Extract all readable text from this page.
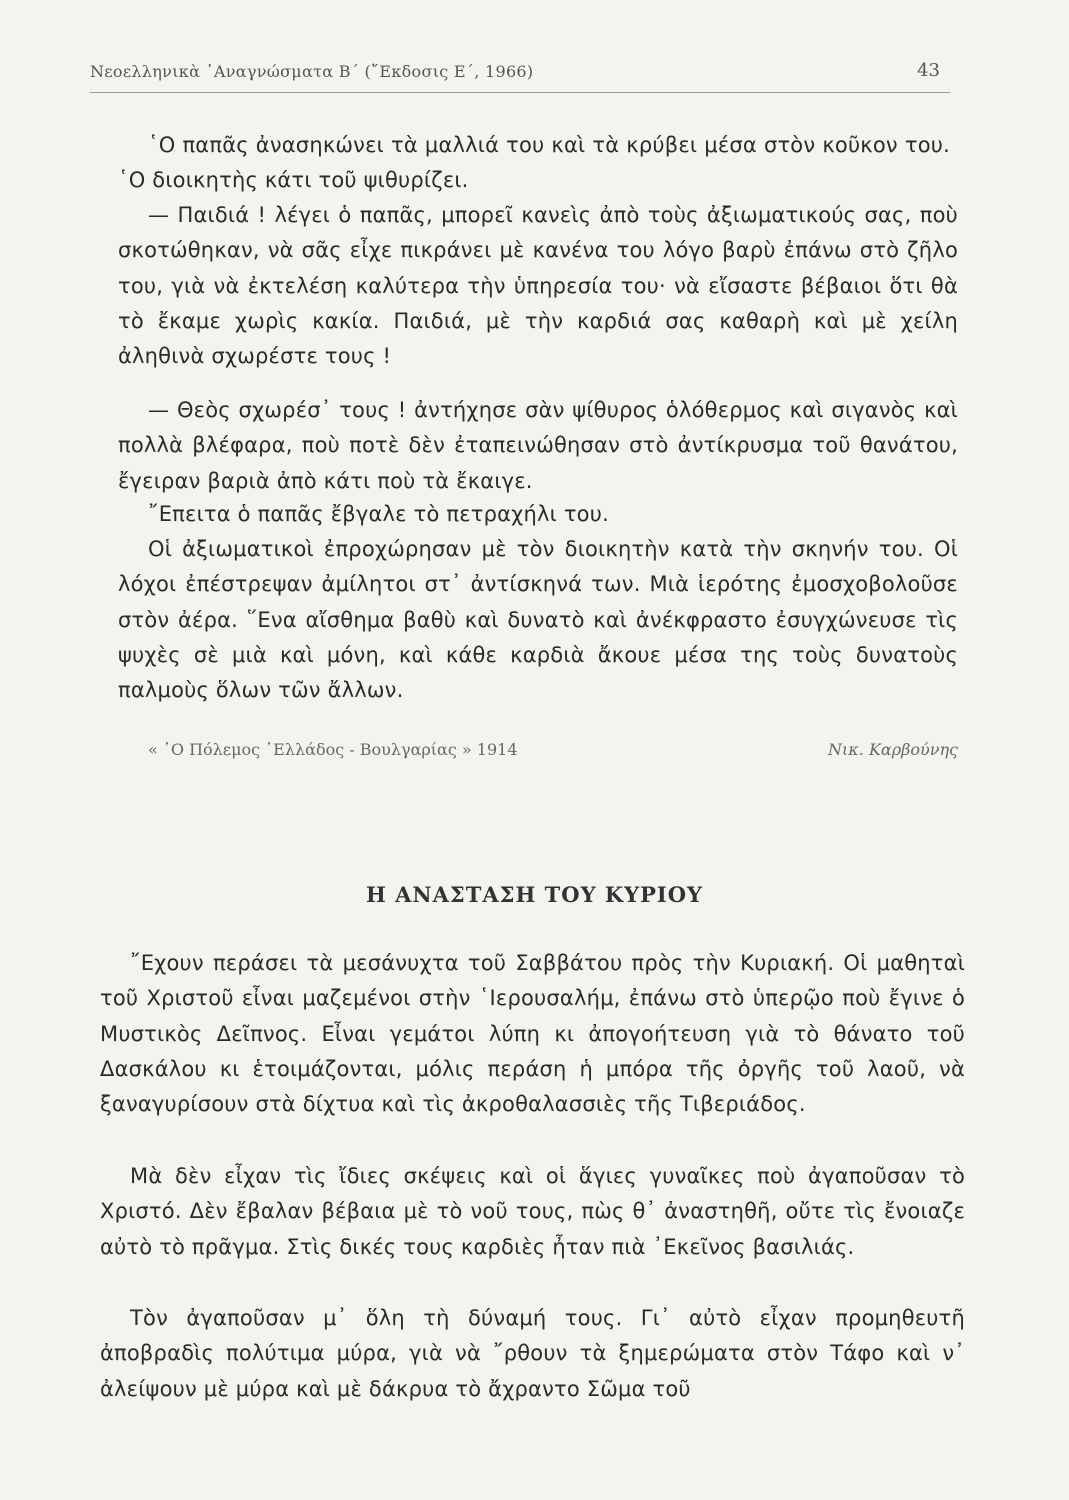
Νεοελληνικὰ ᾿Αναγνώσματα Β΄ (῎Εκδοσις Ε΄, 1966)	43

῾Ο παπᾶς ἀνασηκώνει τὰ μαλλιά του καὶ τὰ κρύβει μέσα στὸν κοῦκον του. ῾Ο διοικητὴς κάτι τοῦ ψιθυρίζει.

— Παιδιά ! λέγει ὁ παπᾶς, μπορεῖ κανεὶς ἀπὸ τοὺς ἀξιωματικούς σας, ποὺ σκοτώθηκαν, νὰ σᾶς εἶχε πικράνει μὲ κανένα του λόγο βαρὺ ἐπάνω στὸ ζῆλο του, γιὰ νὰ ἐκτελέση καλύτερα τὴν ὑπηρεσία του· νὰ εἴσαστε βέβαιοι ὅτι θὰ τὸ ἔκαμε χωρὶς κακία. Παιδιά, μὲ τὴν καρδιά σας καθαρὴ καὶ μὲ χείλη ἀληθινὰ σχωρέστε τους !

— Θεὸς σχωρέσ᾿ τους ! ἀντήχησε σὰν ψίθυρος ὁλόθερμος καὶ σιγανὸς καὶ πολλὰ βλέφαρα, ποὺ ποτὲ δὲν ἐταπεινώθησαν στὸ ἀντίκρυσμα τοῦ θανάτου, ἔγειραν βαριὰ ἀπὸ κάτι ποὺ τὰ ἔκαιγε.

῎Επειτα ὁ παπᾶς ἔβγαλε τὸ πετραχήλι του.

Οἱ ἀξιωματικοὶ ἐπροχώρησαν μὲ τὸν διοικητὴν κατὰ τὴν σκηνήν του. Οἱ λόχοι ἐπέστρεψαν ἀμίλητοι στ᾿ ἀντίσκηνά των. Μιὰ ἱερότης ἐμοσχοβολοῦσε στὸν ἀέρα. ῞Ενα αἴσθημα βαθὺ καὶ δυνατὸ καὶ ἀνέκφραστο ἐσυγχώνευσε τὶς ψυχὲς σὲ μιὰ καὶ μόνη, καὶ κάθε καρδιὰ ἄκουε μέσα της τοὺς δυνατοὺς παλμοὺς ὅλων τῶν ἄλλων.

« ῾Ο Πόλεμος ῾Ελλάδος - Βουλγαρίας » 1914	Νικ. Καρβούνης
Η ΑΝΑΣΤΑΣΗ ΤΟΥ ΚΥΡΙΟΥ

῎Εχουν περάσει τὰ μεσάνυχτα τοῦ Σαββάτου πρὸς τὴν Κυριακή. Οἱ μαθηταὶ τοῦ Χριστοῦ εἶναι μαζεμένοι στὴν ῾Ιερουσαλήμ, ἐπάνω στὸ ὑπερῷο ποὺ ἔγινε ὁ Μυστικὸς Δεῖπνος. Εἶναι γεμάτοι λύπη κι ἀπογοήτευση γιὰ τὸ θάνατο τοῦ Δασκάλου κι ἑτοιμάζονται, μόλις περάση ἡ μπόρα τῆς ὀργῆς τοῦ λαοῦ, νὰ ξαναγυρίσουν στὰ δίχτυα καὶ τὶς ἀκροθαλασσιὲς τῆς Τιβεριάδος.

Μὰ δὲν εἶχαν τὶς ἴδιες σκέψεις καὶ οἱ ἅγιες γυναῖκες ποὺ ἀγαποῦσαν τὸ Χριστό. Δὲν ἔβαλαν βέβαια μὲ τὸ νοῦ τους, πὼς θ᾿ ἀναστηθῆ, οὔτε τὶς ἔνοιαζε αὐτὸ τὸ πρᾶγμα. Στὶς δικές τους καρδιὲς ἦταν πιὰ ᾿Εκεῖνος βασιλιάς.

Τὸν ἀγαποῦσαν μ᾿ ὅλη τὴ δύναμή τους. Γι᾿ αὐτὸ εἶχαν προμηθευτῆ ἀποβραδὶς πολύτιμα μύρα, γιὰ νὰ ῎ρθουν τὰ ξημερώματα στὸν Τάφο καὶ ν᾿ ἀλείψουν μὲ μύρα καὶ μὲ δάκρυα τὸ ἄχραντο Σῶμα τοῦ
